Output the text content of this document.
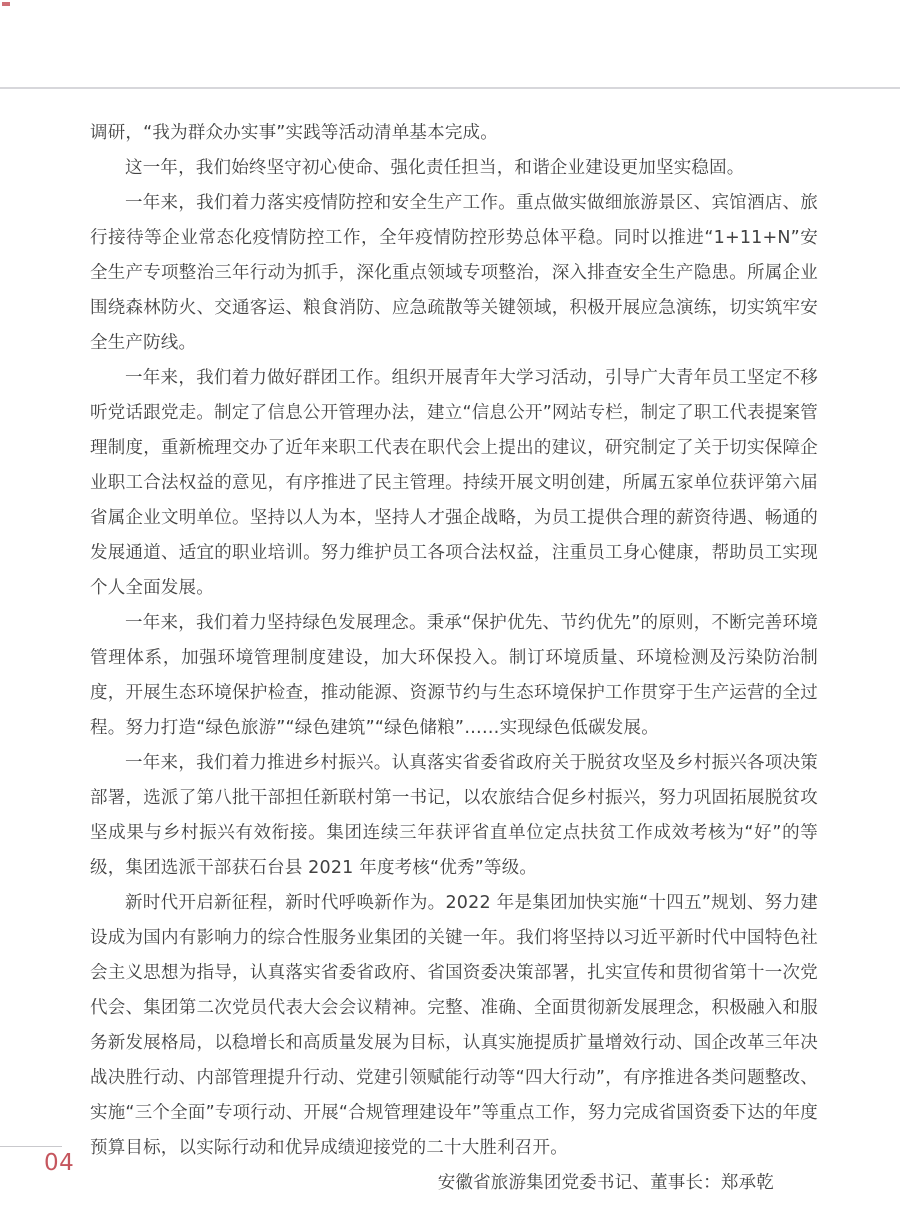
调研，“我为群众办实事”实践等活动清单基本完成。

这一年，我们始终坚守初心使命、强化责任担当，和谐企业建设更加坚实稳固。

一年来，我们着力落实疫情防控和安全生产工作。重点做实做细旅游景区、宾馆酒店、旅行接待等企业常态化疫情防控工作，全年疫情防控形势总体平稳。同时以推进“1+11+N”安全生产专项整治三年行动为抓手，深化重点领域专项整治，深入排查安全生产隐患。所属企业围绕森林防火、交通客运、粮食消防、应急疏散等关键领域，积极开展应急演练，切实筑牢安全生产防线。

一年来，我们着力做好群团工作。组织开展青年大学习活动，引导广大青年员工坚定不移听党话跟党走。制定了信息公开管理办法，建立“信息公开”网站专栏，制定了职工代表提案管理制度，重新梳理交办了近年来职工代表在职代会上提出的建议，研究制定了关于切实保障企业职工合法权益的意见，有序推进了民主管理。持续开展文明创建，所属五家单位获评第六届省属企业文明单位。坚持以人为本，坚持人才强企战略，为员工提供合理的薪资待遇、畅通的发展通道、适宜的职业培训。努力维护员工各项合法权益，注重员工身心健康，帮助员工实现个人全面发展。

一年来，我们着力坚持绿色发展理念。秉承“保护优先、节约优先”的原则，不断完善环境管理体系，加强环境管理制度建设，加大环保投入。制订环境质量、环境检测及污染防治制度，开展生态环境保护检查，推动能源、资源节约与生态环境保护工作贯穿于生产运营的全过程。努力打造“绿色旅游”“绿色建筑”“绿色储粮”……实现绿色低碳发展。

一年来，我们着力推进乡村振兴。认真落实省委省政府关于脱贫攻坚及乡村振兴各项决策部署，选派了第八批干部担任新联村第一书记，以农旅结合促乡村振兴，努力巩固拓展脱贫攻坚成果与乡村振兴有效衔接。集团连续三年获评省直单位定点扶贫工作成效考核为“好”的等级，集团选派干部获石台县 2021 年度考核“优秀”等级。

新时代开启新征程，新时代呼唤新作为。2022 年是集团加快实施“十四五”规划、努力建设成为国内有影响力的综合性服务业集团的关键一年。我们将坚持以习近平新时代中国特色社会主义思想为指导，认真落实省委省政府、省国资委决策部署，扎实宣传和贯彻省第十一次党代会、集团第二次党员代表大会会议精神。完整、准确、全面贯彻新发展理念，积极融入和服务新发展格局，以稳增长和高质量发展为目标，认真实施提质扩量增效行动、国企改革三年决战决胜行动、内部管理提升行动、党建引领赋能行动等“四大行动”，有序推进各类问题整改、实施“三个全面”专项行动、开展“合规管理建设年”等重点工作，努力完成省国资委下达的年度预算目标，以实际行动和优异成绩迎接党的二十大胜利召开。

安徽省旅游集团党委书记、董事长：郑承乾

04
